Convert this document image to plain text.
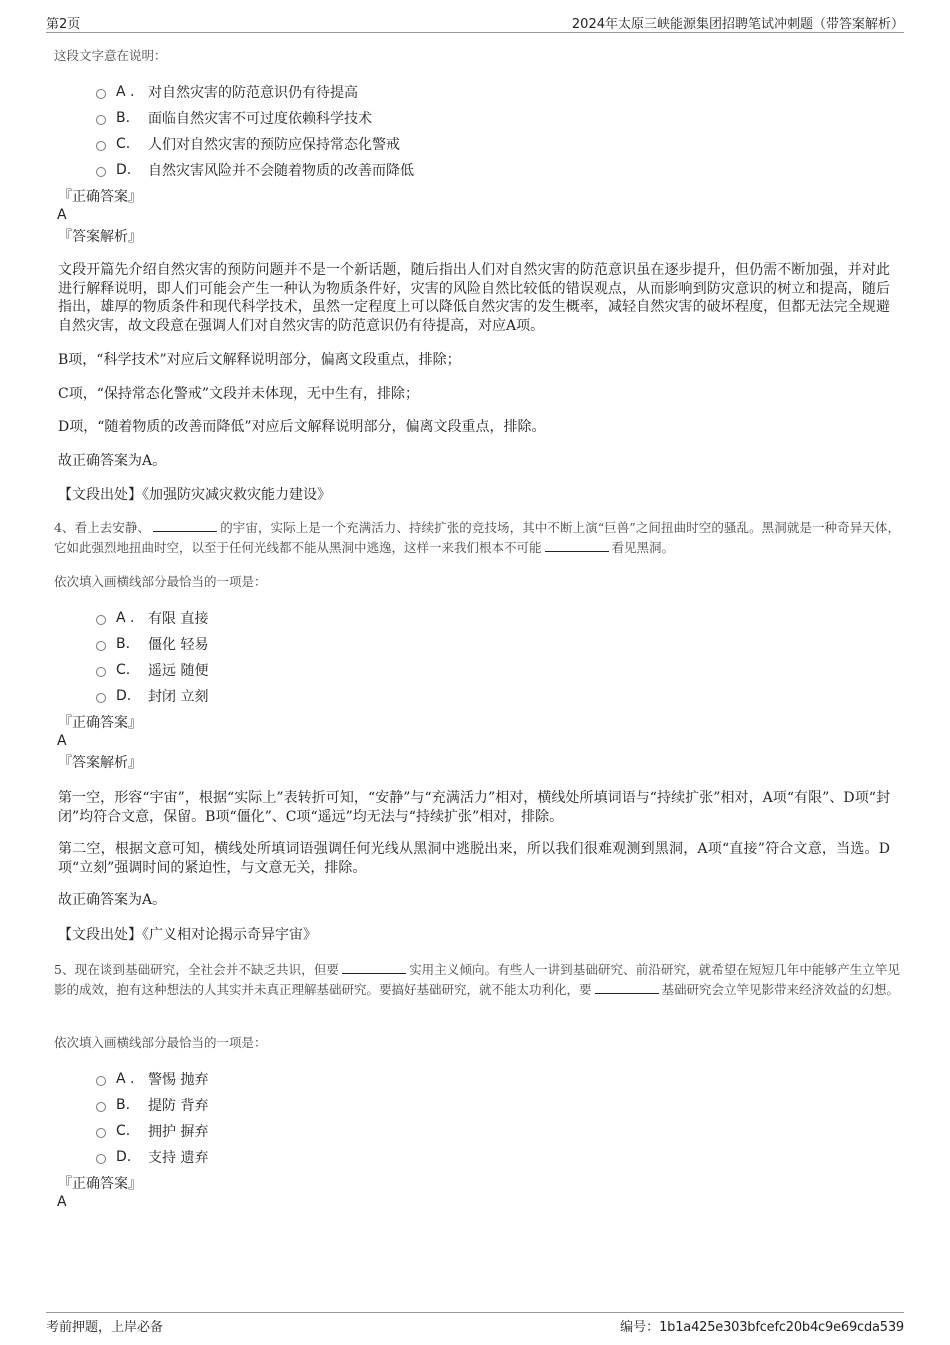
第2页	2024年太原三峡能源集团招聘笔试冲刺题（带答案解析）
这段文字意在说明：
A . 对自然灾害的防范意识仍有待提高
B.	面临自然灾害不可过度依赖科学技术
C.	人们对自然灾害的预防应保持常态化警戒
D.	自然灾害风险并不会随着物质的改善而降低
『正确答案』
A
『答案解析』
文段开篇先介绍自然灾害的预防问题并不是一个新话题，随后指出人们对自然灾害的防范意识虽在逐步提升，但仍需不断加强，并对此进行解释说明，即人们可能会产生一种认为物质条件好，灾害的风险自然比较低的错误观点，从而影响到防灾意识的树立和提高，随后指出，雄厚的物质条件和现代科学技术，虽然一定程度上可以降低自然灾害的发生概率，减轻自然灾害的破坏程度，但都无法完全规避自然灾害，故文段意在强调人们对自然灾害的防范意识仍有待提高，对应A项。
B项，“科学技术”对应后文解释说明部分，偏离文段重点，排除；
C项，“保持常态化警戒”文段并未体现，无中生有，排除；
D项，“随着物质的改善而降低”对应后文解释说明部分，偏离文段重点，排除。
故正确答案为A。
【文段出处】《加强防灾减灾救灾能力建设》
4、看上去安静、	的宇宙，实际上是一个充满活力、持续扩张的竞技场，其中不断上演“巨兽”之间扭曲时空的骚乱。黑洞就是一种奇异天体，它如此强烈地扭曲时空，以至于任何光线都不能从黑洞中逃逸，这样一来我们根本不可能	看见黑洞。
依次填入画横线部分最恰当的一项是：
A . 有限 直接
B.	僵化 轻易
C.	遥远 随便
D.	封闭 立刻
『正确答案』
A
『答案解析』
第一空，形容“宇宙”，根据“实际上”表转折可知，“安静”与“充满活力”相对，横线处所填词语与“持续扩张”相对，A项“有限”、D项“封闭”均符合文意，保留。B项“僵化”、C项“遥远”均无法与“持续扩张”相对，排除。
第二空，根据文意可知，横线处所填词语强调任何光线从黑洞中逃脱出来，所以我们很难观测到黑洞，A项“直接”符合文意，当选。D项“立刻”强调时间的紧迫性，与文意无关，排除。
故正确答案为A。
【文段出处】《广义相对论揭示奇异宇宙》
5、现在谈到基础研究，全社会并不缺乏共识，但要	实用主义倾向。有些人一讲到基础研究、前沿研究，就希望在短短几年中能够产生立竿见影的成效，抱有这种想法的人其实并未真正理解基础研究。要搞好基础研究，就不能太功利化，要	基础研究会立竿见影带来经济效益的幻想。
依次填入画横线部分最恰当的一项是：
A . 警惕 抛弃
B.	提防 背弃
C.	拥护 摒弃
D.	支持 遗弃
『正确答案』
A
考前押题，上岸必备	编号：1b1a425e303bfcefc20b4c9e69cda539
